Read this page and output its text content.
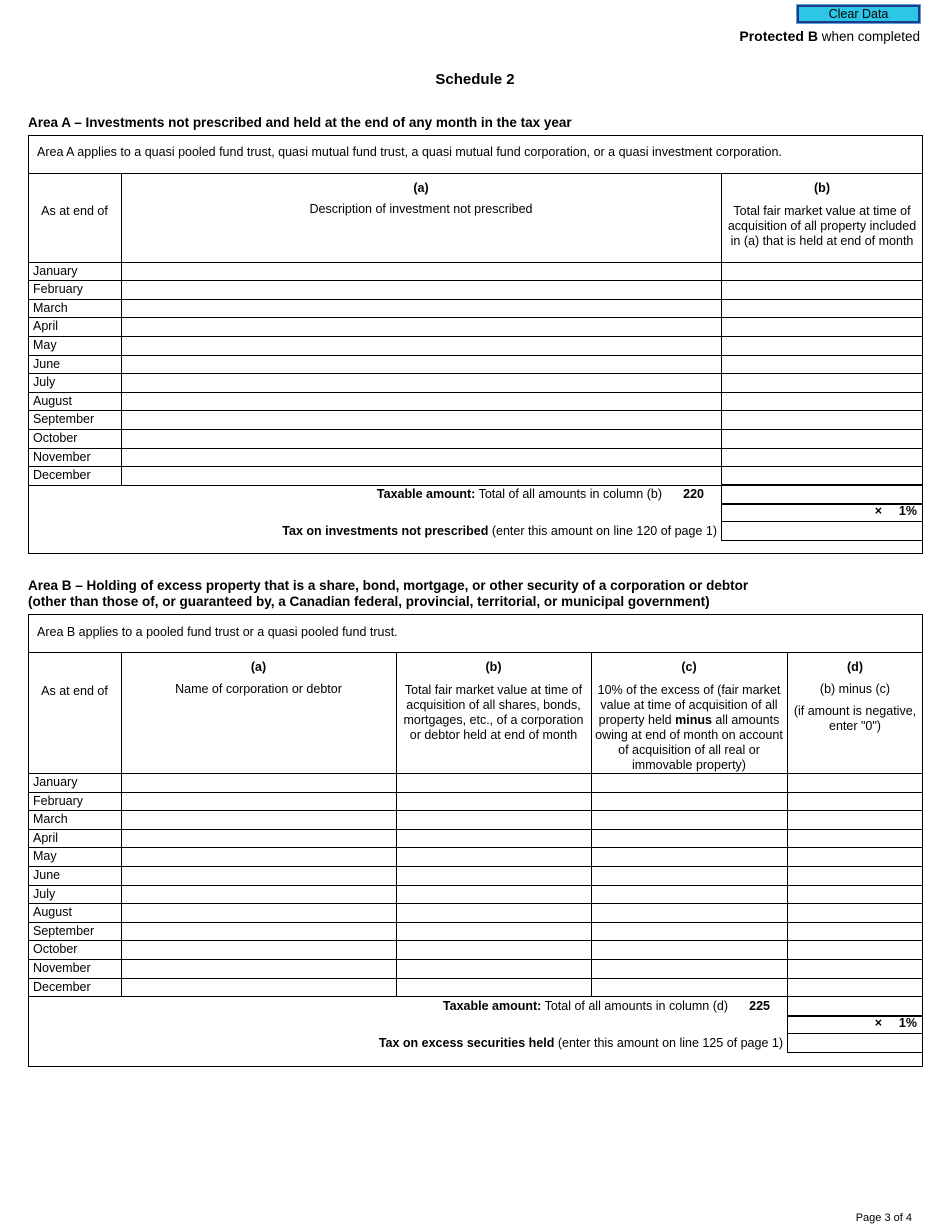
Clear Data
Protected B when completed
Schedule 2
Area A – Investments not prescribed and held at the end of any month in the tax year
Area A applies to a quasi pooled fund trust, quasi mutual fund trust, a quasi mutual fund corporation, or a quasi investment corporation.
As at end of
(a)
Description of investment not prescribed
(b)
Total fair market value at time of acquisition of all property included in (a) that is held at end of month
January
February
March
April
May
June
July
August
September
October
November
December
Taxable amount: Total of all amounts in column (b) 220
× 1%
Tax on investments not prescribed (enter this amount on line 120 of page 1)
Area B – Holding of excess property that is a share, bond, mortgage, or other security of a corporation or debtor
(other than those of, or guaranteed by, a Canadian federal, provincial, territorial, or municipal government)
Area B applies to a pooled fund trust or a quasi pooled fund trust.
As at end of
(a)
Name of corporation or debtor
(b)
Total fair market value at time of acquisition of all shares, bonds, mortgages, etc., of a corporation or debtor held at end of month
(c)
10% of the excess of (fair market value at time of acquisition of all property held minus all amounts owing at end of month on account of acquisition of all real or immovable property)
(d)
(b) minus (c)
(if amount is negative, enter "0")
January
February
March
April
May
June
July
August
September
October
November
December
Taxable amount: Total of all amounts in column (d) 225
× 1%
Tax on excess securities held (enter this amount on line 125 of page 1)
Page 3 of 4
